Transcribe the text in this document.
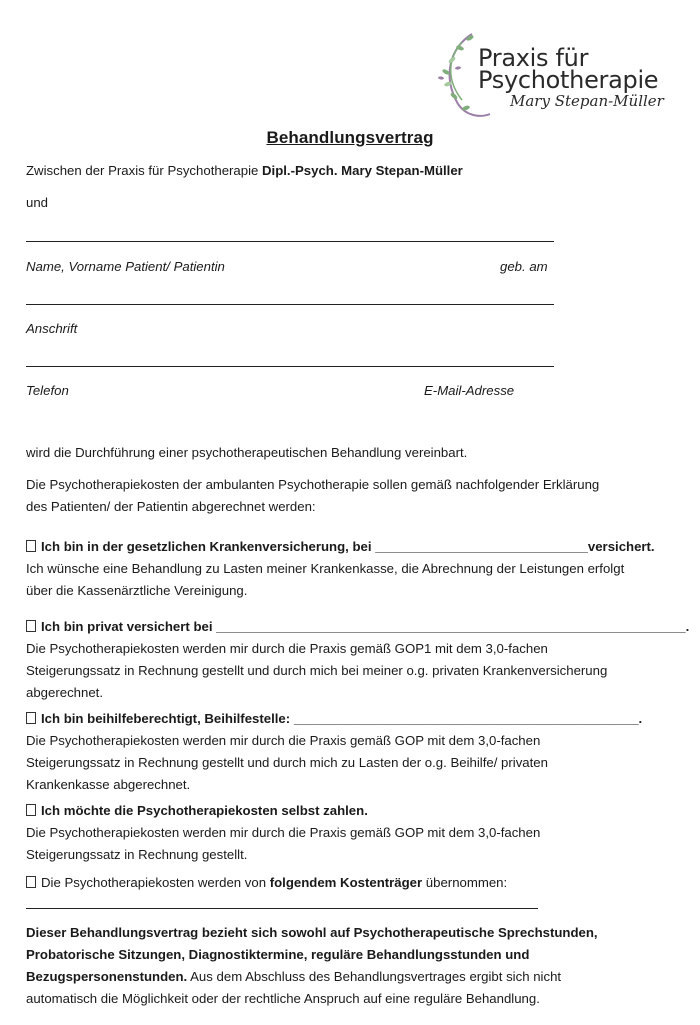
Praxis für
Psychotherapie
Mary Stepan-Müller
Behandlungsvertrag
Zwischen der Praxis für Psychotherapie Dipl.-Psych. Mary Stepan-Müller
und
Name, Vorname Patient/ Patientin	geb. am
Anschrift
Telefon	E-Mail-Adresse
wird die Durchführung einer psychotherapeutischen Behandlung vereinbart.

Die Psychotherapiekosten der ambulanten Psychotherapie sollen gemäß nachfolgender Erklärung

des Patienten/ der Patientin abgerechnet werden:

Ich bin in der gesetzlichen Krankenversicherung, bei _____________________________versichert.

Ich wünsche eine Behandlung zu Lasten meiner Krankenkasse, die Abrechnung der Leistungen erfolgt

über die Kassenärztliche Vereinigung.

Ich bin privat versichert bei ________________________________________________________________.

Die Psychotherapiekosten werden mir durch die Praxis gemäß GOP1 mit dem 3,0-fachen

Steigerungssatz in Rechnung gestellt und durch mich bei meiner o.g. privaten Krankenversicherung

abgerechnet.

Ich bin beihilfeberechtigt, Beihilfestelle: _______________________________________________.

Die Psychotherapiekosten werden mir durch die Praxis gemäß GOP mit dem 3,0-fachen

Steigerungssatz in Rechnung gestellt und durch mich zu Lasten der o.g. Beihilfe/ privaten

Krankenkasse abgerechnet.

Ich möchte die Psychotherapiekosten selbst zahlen.

Die Psychotherapiekosten werden mir durch die Praxis gemäß GOP mit dem 3,0-fachen

Steigerungssatz in Rechnung gestellt.

Die Psychotherapiekosten werden von folgendem Kostenträger übernommen:

Dieser Behandlungsvertrag bezieht sich sowohl auf Psychotherapeutische Sprechstunden,

Probatorische Sitzungen, Diagnostiktermine, reguläre Behandlungsstunden und

Bezugspersonenstunden. Aus dem Abschluss des Behandlungsvertrages ergibt sich nicht

automatisch die Möglichkeit oder der rechtliche Anspruch auf eine reguläre Behandlung.
